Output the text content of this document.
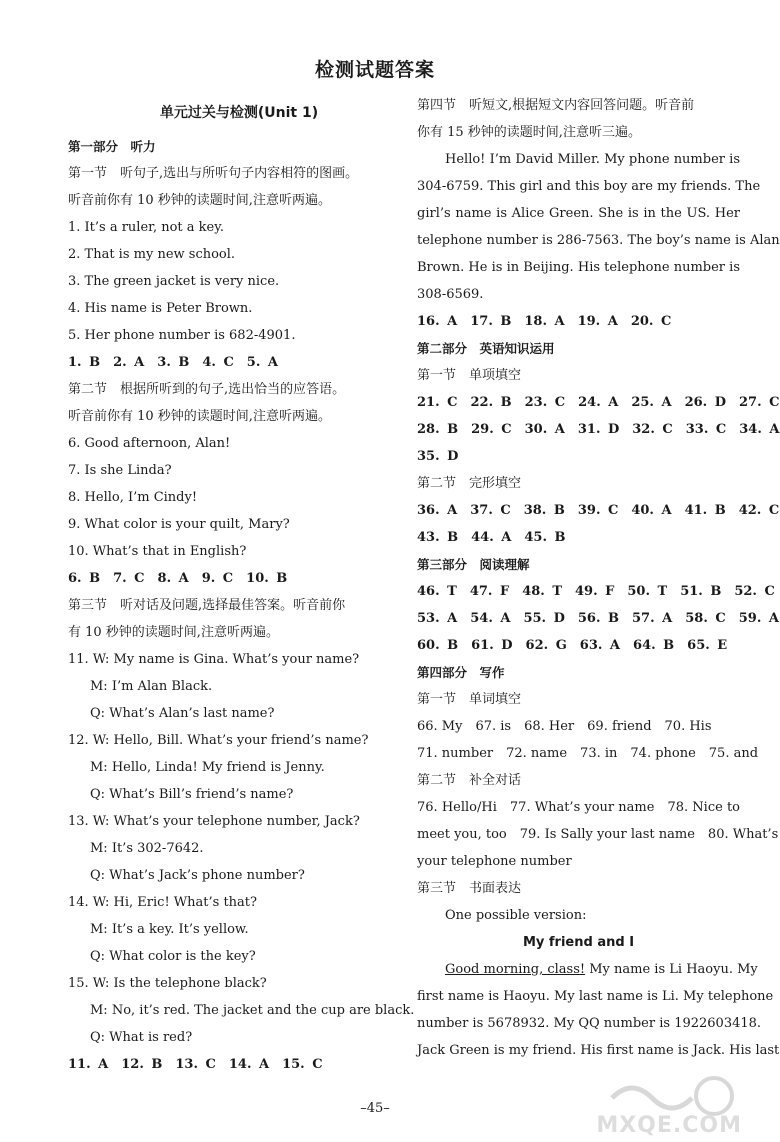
检测试题答案
单元过关与检测(Unit 1)
第一部分　听力
第一节　听句子,选出与所听句子内容相符的图画。
听音前你有 10 秒钟的读题时间,注意听两遍。
1. It’s a ruler, not a key.
2. That is my new school.
3. The green jacket is very nice.
4. His name is Peter Brown.
5. Her phone number is 682-4901.
1. B　2. A　3. B　4. C　5. A
第二节　根据所听到的句子,选出恰当的应答语。
听音前你有 10 秒钟的读题时间,注意听两遍。
6. Good afternoon, Alan!
7. Is she Linda?
8. Hello, I’m Cindy!
9. What color is your quilt, Mary?
10. What’s that in English?
6. B　7. C　8. A　9. C　10. B
第三节　听对话及问题,选择最佳答案。听音前你
有 10 秒钟的读题时间,注意听两遍。
11. W: My name is Gina. What’s your name?
M: I’m Alan Black.
Q: What’s Alan’s last name?
12. W: Hello, Bill. What’s your friend’s name?
M: Hello, Linda! My friend is Jenny.
Q: What’s Bill’s friend’s name?
13. W: What’s your telephone number, Jack?
M: It’s 302-7642.
Q: What’s Jack’s phone number?
14. W: Hi, Eric! What’s that?
M: It’s a key. It’s yellow.
Q: What color is the key?
15. W: Is the telephone black?
M: No, it’s red. The jacket and the cup are black.
Q: What is red?
11. A　12. B　13. C　14. A　15. C
第四节　听短文,根据短文内容回答问题。听音前
你有 15 秒钟的读题时间,注意听三遍。
Hello! I’m David Miller. My phone number is
304-6759. This girl and this boy are my friends. The
girl’s name is Alice Green. She is in the US. Her
telephone number is 286-7563. The boy’s name is Alan
Brown. He is in Beijing. His telephone number is
308-6569.
16. A　17. B　18. A　19. A　20. C
第二部分　英语知识运用
第一节　单项填空
21. C　22. B　23. C　24. A　25. A　26. D　27. C
28. B　29. C　30. A　31. D　32. C　33. C　34. A
35. D
第二节　完形填空
36. A　37. C　38. B　39. C　40. A　41. B　42. C
43. B　44. A　45. B
第三部分　阅读理解
46. T　47. F　48. T　49. F　50. T　51. B　52. C
53. A　54. A　55. D　56. B　57. A　58. C　59. A
60. B　61. D　62. G　63. A　64. B　65. E
第四部分　写作
第一节　单词填空
66. My　67. is　68. Her　69. friend　70. His
71. number　72. name　73. in　74. phone　75. and
第二节　补全对话
76. Hello/Hi　77. What’s your name　78. Nice to
meet you, too　79. Is Sally your last name　80. What’s
your telephone number
第三节　书面表达
One possible version:
My friend and I
Good morning, class! My name is Li Haoyu. My
first name is Haoyu. My last name is Li. My telephone
number is 5678932. My QQ number is 1922603418.
Jack Green is my friend. His first name is Jack. His last
–45–
MXQE.COM
